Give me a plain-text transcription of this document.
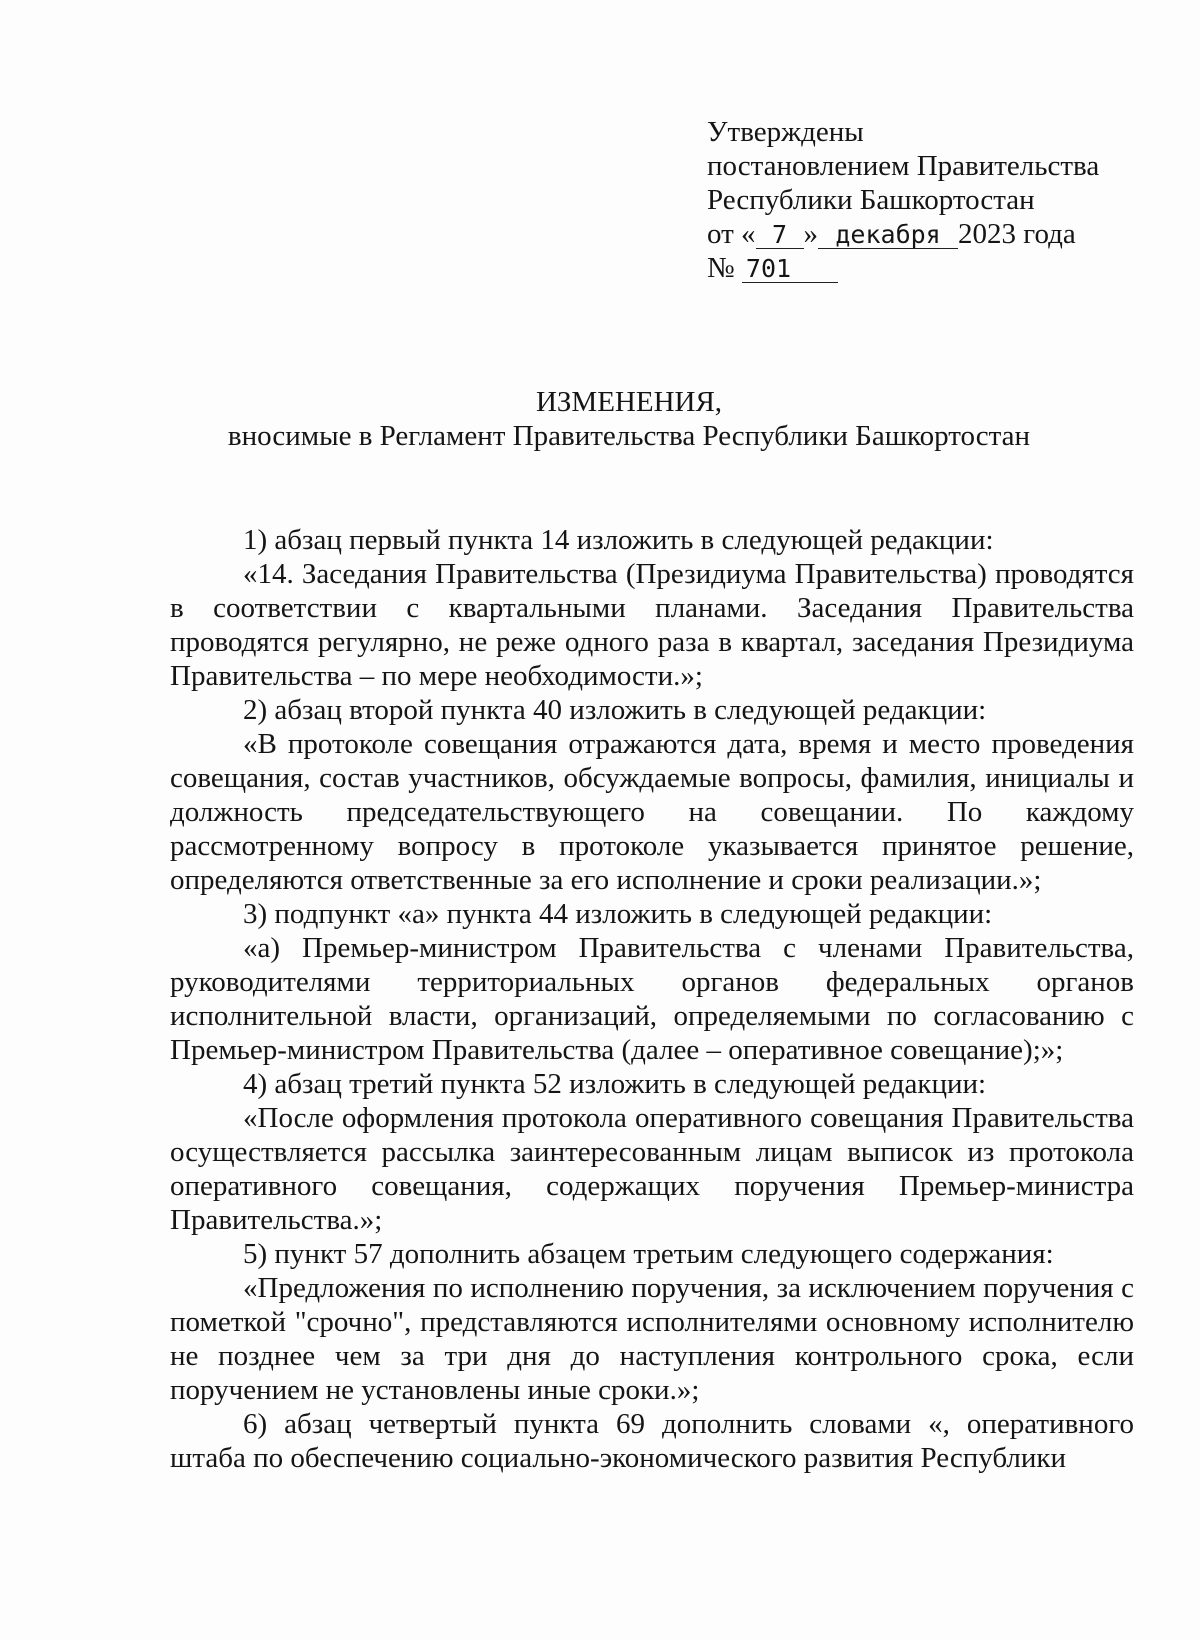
Утверждены
постановлением Правительства
Республики Башкортостан
от « 7 » декабря 2023 года
№ 701
ИЗМЕНЕНИЯ,
вносимые в Регламент Правительства Республики Башкортостан

1) абзац первый пункта 14 изложить в следующей редакции:

«14. Заседания Правительства (Президиума Правительства) проводятся в соответствии с квартальными планами. Заседания Правительства проводятся регулярно, не реже одного раза в квартал, заседания Президиума Правительства – по мере необходимости.»;

2) абзац второй пункта 40 изложить в следующей редакции:

«В протоколе совещания отражаются дата, время и место проведения совещания, состав участников, обсуждаемые вопросы, фамилия, инициалы и должность председательствующего на совещании. По каждому рассмотренному вопросу в протоколе указывается принятое решение, определяются ответственные за его исполнение и сроки реализации.»;

3) подпункт «а» пункта 44 изложить в следующей редакции:

«а) Премьер-министром Правительства с членами Правительства, руководителями территориальных органов федеральных органов исполнительной власти, организаций, определяемыми по согласованию с Премьер-министром Правительства (далее – оперативное совещание);»;

4) абзац третий пункта 52 изложить в следующей редакции:

«После оформления протокола оперативного совещания Правительства осуществляется рассылка заинтересованным лицам выписок из протокола оперативного совещания, содержащих поручения Премьер-министра Правительства.»;

5) пункт 57 дополнить абзацем третьим следующего содержания:

«Предложения по исполнению поручения, за исключением поручения с пометкой "срочно", представляются исполнителями основному исполнителю не позднее чем за три дня до наступления контрольного срока, если поручением не установлены иные сроки.»;

6) абзац четвертый пункта 69 дополнить словами «, оперативного штаба по обеспечению социально-экономического развития Республики
